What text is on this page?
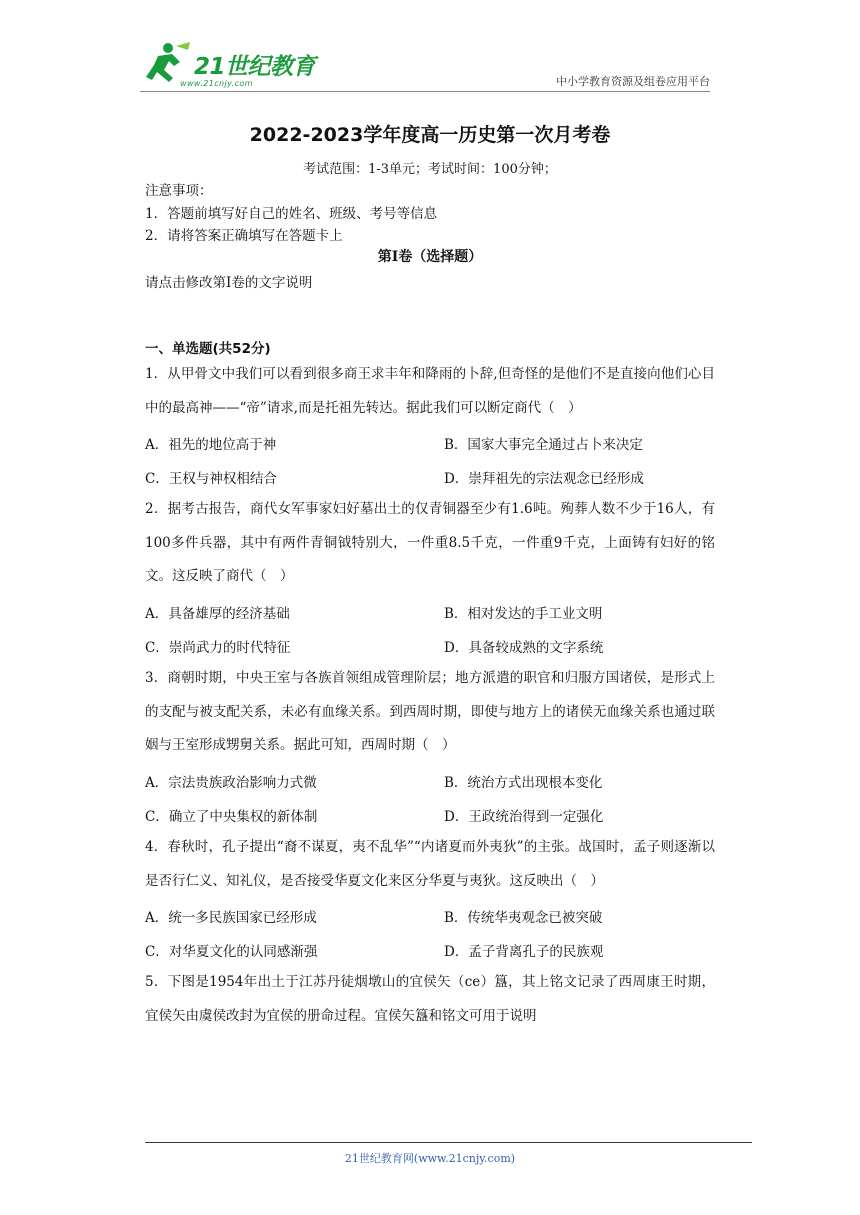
21世纪教育
www.21cnjy.com	中小学教育资源及组卷应用平台
2022-2023学年度高一历史第一次月考卷
考试范围：1-3单元；考试时间：100分钟；
注意事项：
1．答题前填写好自己的姓名、班级、考号等信息
2．请将答案正确填写在答题卡上
第I卷（选择题）
请点击修改第I卷的文字说明
一、单选题(共52分)
1．从甲骨文中我们可以看到很多商王求丰年和降雨的卜辞,但奇怪的是他们不是直接向他们心目中的最高神——“帝”请求,而是托祖先转达。据此我们可以断定商代（　）
A．祖先的地位高于神	B．国家大事完全通过占卜来决定
C．王权与神权相结合	D．崇拜祖先的宗法观念已经形成
2．据考古报告，商代女军事家妇好墓出土的仅青铜器至少有1.6吨。殉葬人数不少于16人，有100多件兵器，其中有两件青铜钺特别大，一件重8.5千克，一件重9千克，上面铸有妇好的铭文。这反映了商代（　）
A．具备雄厚的经济基础	B．相对发达的手工业文明
C．崇尚武力的时代特征	D．具备较成熟的文字系统
3．商朝时期，中央王室与各族首领组成管理阶层；地方派遣的职官和归服方国诸侯，是形式上的支配与被支配关系，未必有血缘关系。到西周时期，即使与地方上的诸侯无血缘关系也通过联姻与王室形成甥舅关系。据此可知，西周时期（　）
A．宗法贵族政治影响力式微	B．统治方式出现根本变化
C．确立了中央集权的新体制	D．王政统治得到一定强化
4．春秋时，孔子提出“裔不谋夏，夷不乱华”“内诸夏而外夷狄”的主张。战国时，孟子则逐渐以是否行仁义、知礼仪，是否接受华夏文化来区分华夏与夷狄。这反映出（　）
A．统一多民族国家已经形成	B．传统华夷观念已被突破
C．对华夏文化的认同感渐强	D．孟子背离孔子的民族观
5．下图是1954年出土于江苏丹徒烟墩山的宜侯矢（ce）簋，其上铭文记录了西周康王时期，宜侯矢由虞侯改封为宜侯的册命过程。宜侯矢簋和铭文可用于说明
21世纪教育网(www.21cnjy.com)
